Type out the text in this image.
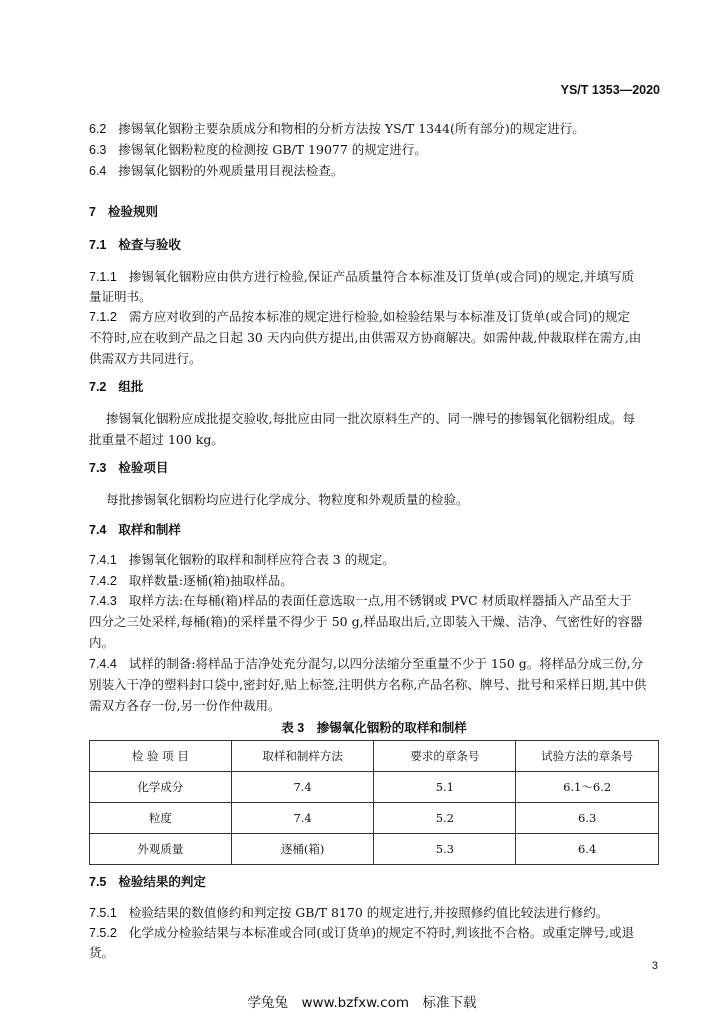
YS/T 1353—2020
6.2 掺锡氧化铟粉主要杂质成分和物相的分析方法按 YS/T 1344(所有部分)的规定进行。
6.3 掺锡氧化铟粉粒度的检测按 GB/T 19077 的规定进行。
6.4 掺锡氧化铟粉的外观质量用目视法检查。
7 检验规则
7.1 检查与验收
7.1.1 掺锡氧化铟粉应由供方进行检验,保证产品质量符合本标准及订货单(或合同)的规定,并填写质
量证明书。
7.1.2 需方应对收到的产品按本标准的规定进行检验,如检验结果与本标准及订货单(或合同)的规定
不符时,应在收到产品之日起 30 天内向供方提出,由供需双方协商解决。如需仲裁,仲裁取样在需方,由
供需双方共同进行。
7.2 组批
掺锡氧化铟粉应成批提交验收,每批应由同一批次原料生产的、同一牌号的掺锡氧化铟粉组成。每
批重量不超过 100 kg。
7.3 检验项目
每批掺锡氧化铟粉均应进行化学成分、物粒度和外观质量的检验。
7.4 取样和制样
7.4.1 掺锡氧化铟粉的取样和制样应符合表 3 的规定。
7.4.2 取样数量:逐桶(箱)抽取样品。
7.4.3 取样方法:在每桶(箱)样品的表面任意选取一点,用不锈钢或 PVC 材质取样器插入产品至大于
四分之三处采样,每桶(箱)的采样量不得少于 50 g,样品取出后,立即装入干燥、洁净、气密性好的容器
内。
7.4.4 试样的制备:将样品于洁净处充分混匀,以四分法缩分至重量不少于 150 g。将样品分成三份,分
别装入干净的塑料封口袋中,密封好,贴上标签,注明供方名称,产品名称、牌号、批号和采样日期,其中供
需双方各存一份,另一份作仲裁用。
表 3　掺锡氧化铟粉的取样和制样
检 验 项 目	取样和制样方法	要求的章条号	试验方法的章条号
化学成分	7.4	5.1	6.1～6.2
粒度	7.4	5.2	6.3
外观质量	逐桶(箱)	5.3	6.4
7.5 检验结果的判定
7.5.1 检验结果的数值修约和判定按 GB/T 8170 的规定进行,并按照修约值比较法进行修约。
7.5.2 化学成分检验结果与本标准或合同(或订货单)的规定不符时,判该批不合格。或重定牌号,或退
货。
3
学兔兔　www.bzfxw.com　标准下载
